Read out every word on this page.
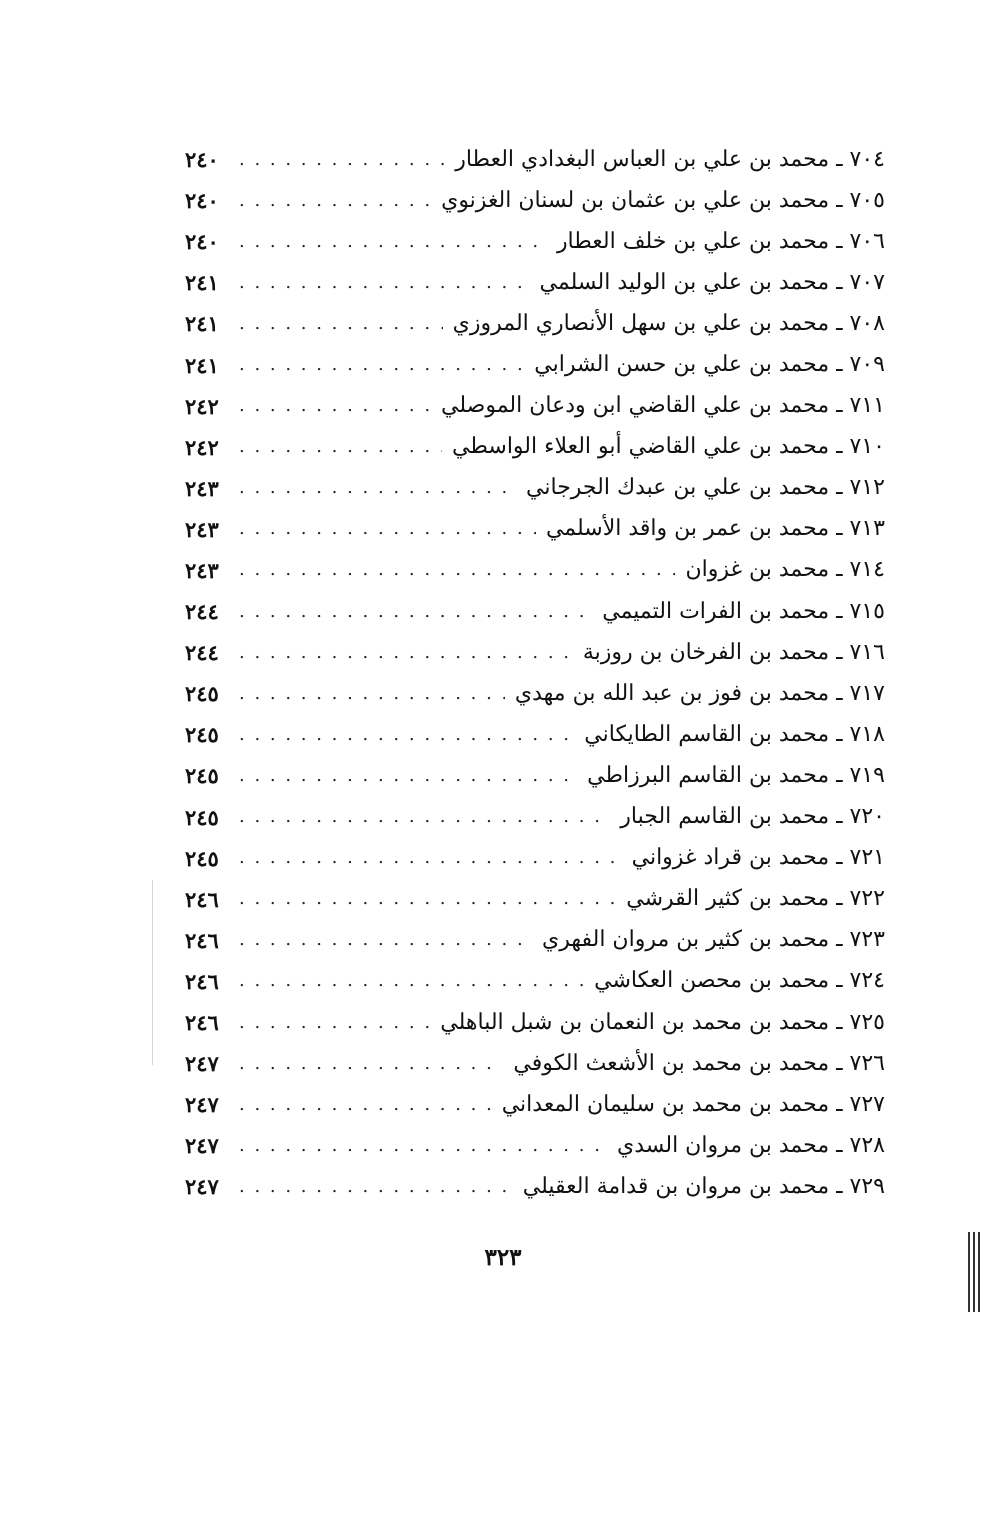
٧٠٤ ـ محمد بن علي بن العباس البغدادي العطار
. . .
٢٤٠
٧٠٥ ـ محمد بن علي بن عثمان بن لسنان الغزنوي
. . .
٢٤٠
٧٠٦ ـ محمد بن علي بن خلف العطار
. . .
٢٤٠
٧٠٧ ـ محمد بن علي بن الوليد السلمي
. . .
٢٤١
٧٠٨ ـ محمد بن علي بن سهل الأنصاري المروزي
. . .
٢٤١
٧٠٩ ـ محمد بن علي بن حسن الشرابي
. . .
٢٤١
٧١١ ـ محمد بن علي القاضي ابن ودعان الموصلي
. . .
٢٤٢
٧١٠ ـ محمد بن علي القاضي أبو العلاء الواسطي
. . .
٢٤٢
٧١٢ ـ محمد بن علي بن عبدك الجرجاني
. . .
٢٤٣
٧١٣ ـ محمد بن عمر بن واقد الأسلمي
. . .
٢٤٣
٧١٤ ـ محمد بن غزوان
. . .
٢٤٣
٧١٥ ـ محمد بن الفرات التميمي
. . .
٢٤٤
٧١٦ ـ محمد بن الفرخان بن روزبة
. . .
٢٤٤
٧١٧ ـ محمد بن فوز بن عبد الله بن مهدي
. . .
٢٤٥
٧١٨ ـ محمد بن القاسم الطايكاني
. . .
٢٤٥
٧١٩ ـ محمد بن القاسم البرزاطي
. . .
٢٤٥
٧٢٠ ـ محمد بن القاسم الجبار
. . .
٢٤٥
٧٢١ ـ محمد بن قراد غزواني
. . .
٢٤٥
٧٢٢ ـ محمد بن كثير القرشي
. . .
٢٤٦
٧٢٣ ـ محمد بن كثير بن مروان الفهري
. . .
٢٤٦
٧٢٤ ـ محمد بن محصن العكاشي
. . .
٢٤٦
٧٢٥ ـ محمد بن محمد بن النعمان بن شبل الباهلي
. . .
٢٤٦
٧٢٦ ـ محمد بن محمد بن الأشعث الكوفي
. . .
٢٤٧
٧٢٧ ـ محمد بن محمد بن سليمان المعداني
. . .
٢٤٧
٧٢٨ ـ محمد بن مروان السدي
. . .
٢٤٧
٧٢٩ ـ محمد بن مروان بن قدامة العقيلي
. . .
٢٤٧
٣٢٣
